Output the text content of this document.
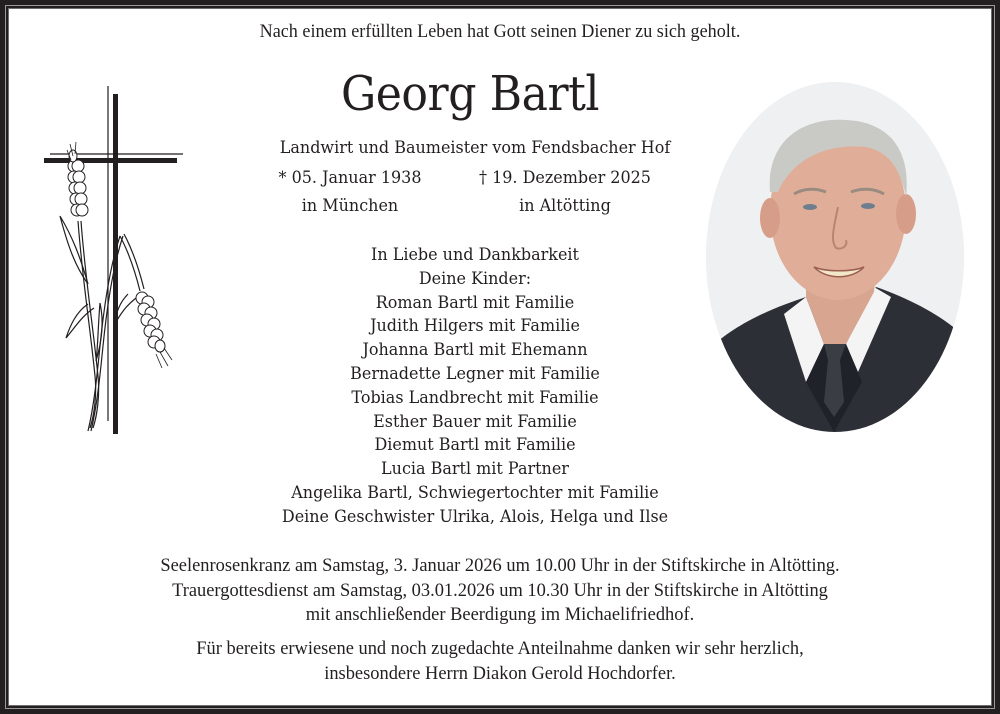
Nach einem erfüllten Leben hat Gott seinen Diener zu sich geholt.
Georg Bartl
Landwirt und Baumeister vom Fendsbacher Hof
* 05. Januar 1938
in München
† 19. Dezember 2025
in Altötting
In Liebe und Dankbarkeit
Deine Kinder:
Roman Bartl mit Familie
Judith Hilgers mit Familie
Johanna Bartl mit Ehemann
Bernadette Legner mit Familie
Tobias Landbrecht mit Familie
Esther Bauer mit Familie
Diemut Bartl mit Familie
Lucia Bartl mit Partner
Angelika Bartl, Schwiegertochter mit Familie
Deine Geschwister Ulrika, Alois, Helga und Ilse
Seelenrosenkranz am Samstag, 3. Januar 2026 um 10.00 Uhr in der Stiftskirche in Altötting.
Trauergottesdienst am Samstag, 03.01.2026 um 10.30 Uhr in der Stiftskirche in Altötting
mit anschließender Beerdigung im Michaelifriedhof.
Für bereits erwiesene und noch zugedachte Anteilnahme danken wir sehr herzlich,
insbesondere Herrn Diakon Gerold Hochdorfer.
